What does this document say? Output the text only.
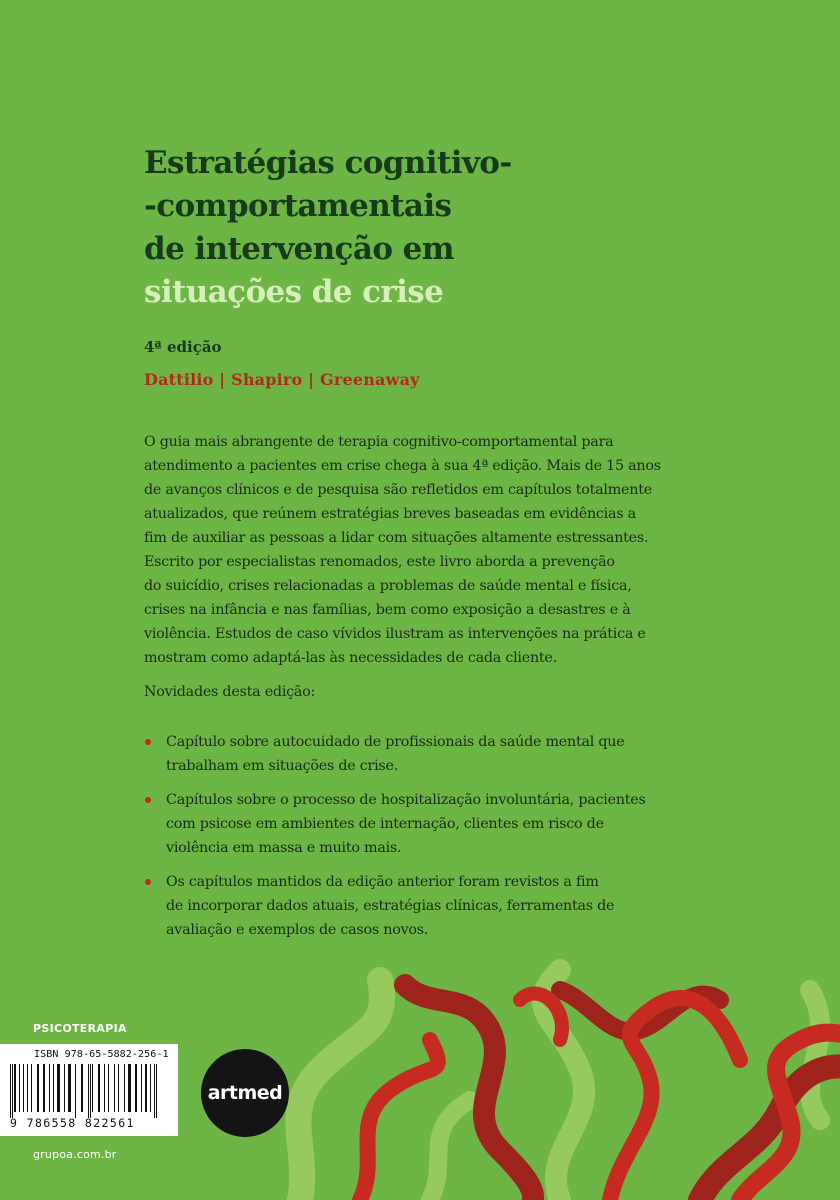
Estratégias cognitivo-
-comportamentais
de intervenção em
situações de crise
4ª edição
Dattilio | Shapiro | Greenaway
O guia mais abrangente de terapia cognitivo-comportamental para
atendimento a pacientes em crise chega à sua 4ª edição. Mais de 15 anos
de avanços clínicos e de pesquisa são refletidos em capítulos totalmente
atualizados, que reúnem estratégias breves baseadas em evidências a
fim de auxiliar as pessoas a lidar com situações altamente estressantes.
Escrito por especialistas renomados, este livro aborda a prevenção
do suicídio, crises relacionadas a problemas de saúde mental e física,
crises na infância e nas famílias, bem como exposição a desastres e à
violência. Estudos de caso vívidos ilustram as intervenções na prática e
mostram como adaptá-las às necessidades de cada cliente.
Novidades desta edição:
Capítulo sobre autocuidado de profissionais da saúde mental que
trabalham em situações de crise.
Capítulos sobre o processo de hospitalização involuntária, pacientes
com psicose em ambientes de internação, clientes em risco de
violência em massa e muito mais.
Os capítulos mantidos da edição anterior foram revistos a fim
de incorporar dados atuais, estratégias clínicas, ferramentas de
avaliação e exemplos de casos novos.
PSICOTERAPIA
ISBN 978-65-5882-256-1
9 786558 822561
grupoa.com.br
artmed
